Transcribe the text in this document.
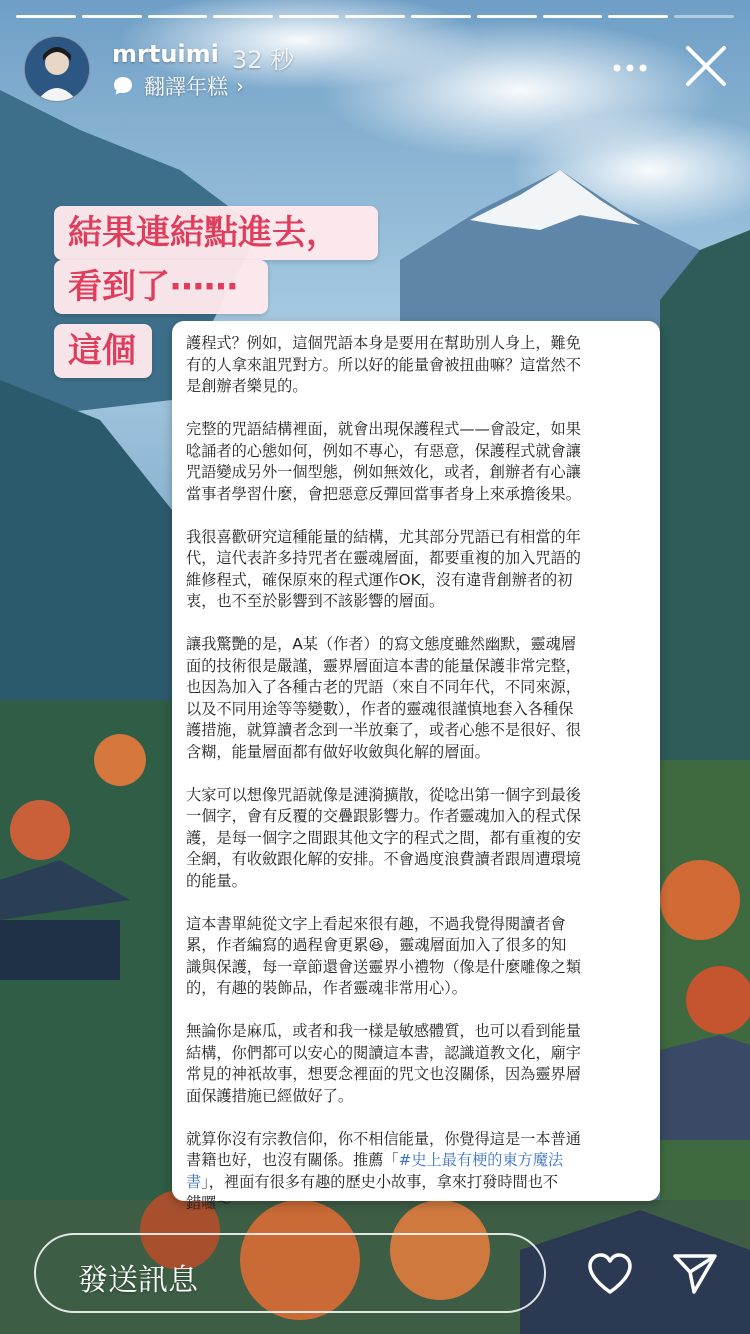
mrtuimi 32 秒
翻譯年糕 ›
結果連結點進去，
看到了⋯⋯
這個	護程式？例如，這個咒語本身是要用在幫助別人身上，難免
有的人拿來詛咒對方。所以好的能量會被扭曲嘛？這當然不
是創辦者樂見的。

完整的咒語結構裡面，就會出現保護程式——會設定，如果
唸誦者的心態如何，例如不專心，有惡意，保護程式就會讓
咒語變成另外一個型態，例如無效化，或者，創辦者有心讓
當事者學習什麼，會把惡意反彈回當事者身上來承擔後果。

我很喜歡研究這種能量的結構，尤其部分咒語已有相當的年
代，這代表許多持咒者在靈魂層面，都要重複的加入咒語的
維修程式，確保原來的程式運作OK，沒有違背創辦者的初
衷，也不至於影響到不該影響的層面。

讓我驚艷的是，A某（作者）的寫文態度雖然幽默，靈魂層
面的技術很是嚴謹，靈界層面這本書的能量保護非常完整，
也因為加入了各種古老的咒語（來自不同年代，不同來源，
以及不同用途等等變數），作者的靈魂很謹慎地套入各種保
護措施，就算讀者念到一半放棄了，或者心態不是很好、很
含糊，能量層面都有做好收斂與化解的層面。

大家可以想像咒語就像是漣漪擴散，從唸出第一個字到最後
一個字，會有反覆的交疊跟影響力。作者靈魂加入的程式保
護，是每一個字之間跟其他文字的程式之間，都有重複的安
全網，有收斂跟化解的安排。不會過度浪費讀者跟周遭環境
的能量。

這本書單純從文字上看起來很有趣，不過我覺得閱讀者會
累，作者編寫的過程會更累😆，靈魂層面加入了很多的知
識與保護，每一章節還會送靈界小禮物（像是什麼雕像之類
的，有趣的裝飾品，作者靈魂非常用心）。

無論你是麻瓜，或者和我一樣是敏感體質，也可以看到能量
結構，你們都可以安心的閱讀這本書，認識道教文化，廟宇
常見的神祇故事，想要念裡面的咒文也沒關係，因為靈界層
面保護措施已經做好了。

就算你沒有宗教信仰，你不相信能量，你覺得這是一本普通
書籍也好，也沒有關係。推薦「#史上最有梗的東方魔法
書」，裡面有很多有趣的歷史小故事，拿來打發時間也不
錯囉～

發送訊息
